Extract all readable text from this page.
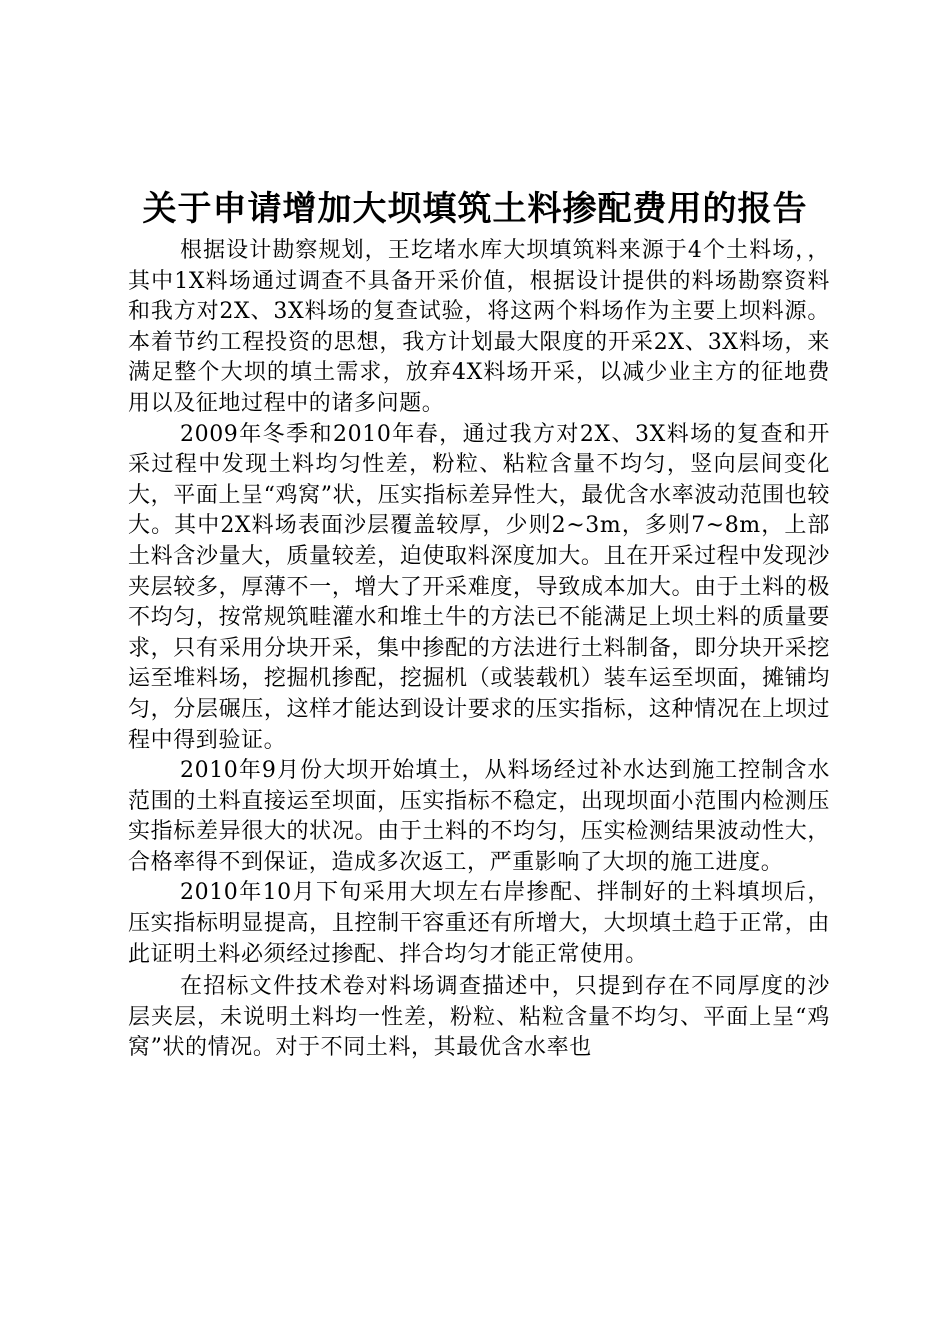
关于申请增加大坝填筑土料掺配费用的报告

根据设计勘察规划，王圪堵水库大坝填筑料来源于4个土料场，，其中1X料场通过调查不具备开采价值，根据设计提供的料场勘察资料和我方对2X、3X料场的复查试验，将这两个料场作为主要上坝料源。本着节约工程投资的思想，我方计划最大限度的开采2X、3X料场，来满足整个大坝的填土需求，放弃4X料场开采，以减少业主方的征地费用以及征地过程中的诸多问题。

2009年冬季和2010年春，通过我方对2X、3X料场的复查和开采过程中发现土料均匀性差，粉粒、粘粒含量不均匀，竖向层间变化大，平面上呈“鸡窝”状，压实指标差异性大，最优含水率波动范围也较大。其中2X料场表面沙层覆盖较厚，少则2~3m，多则7~8m，上部土料含沙量大，质量较差，迫使取料深度加大。且在开采过程中发现沙夹层较多，厚薄不一，增大了开采难度，导致成本加大。由于土料的极不均匀，按常规筑畦灌水和堆土牛的方法已不能满足上坝土料的质量要求，只有采用分块开采，集中掺配的方法进行土料制备，即分块开采挖运至堆料场，挖掘机掺配，挖掘机（或装载机）装车运至坝面，摊铺均匀，分层碾压，这样才能达到设计要求的压实指标，这种情况在上坝过程中得到验证。

2010年9月份大坝开始填土，从料场经过补水达到施工控制含水范围的土料直接运至坝面，压实指标不稳定，出现坝面小范围内检测压实指标差异很大的状况。由于土料的不均匀，压实检测结果波动性大，合格率得不到保证，造成多次返工，严重影响了大坝的施工进度。

2010年10月下旬采用大坝左右岸掺配、拌制好的土料填坝后，压实指标明显提高，且控制干容重还有所增大，大坝填土趋于正常，由此证明土料必须经过掺配、拌合均匀才能正常使用。

在招标文件技术卷对料场调查描述中，只提到存在不同厚度的沙层夹层，未说明土料均一性差，粉粒、粘粒含量不均匀、平面上呈“鸡窝”状的情况。对于不同土料，其最优含水率也
